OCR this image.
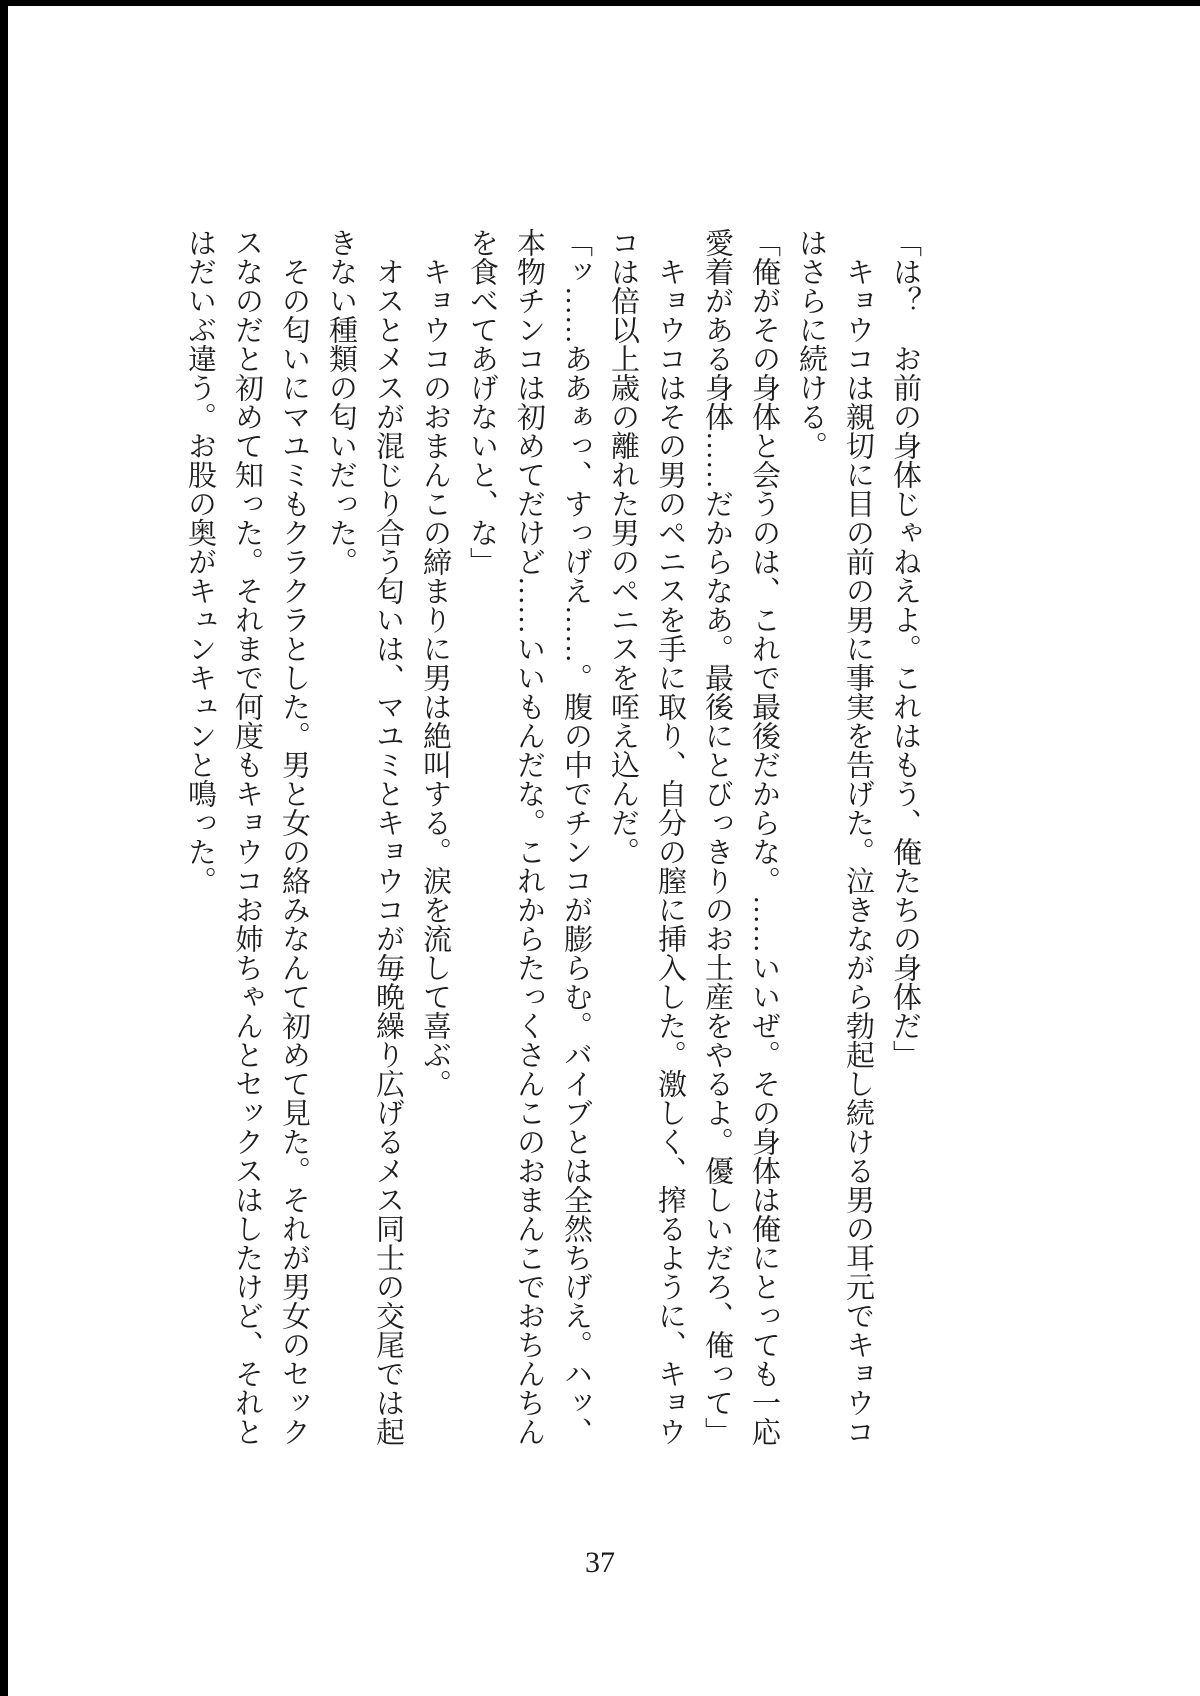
「は？　お前の身体じゃねえよ。これはもう、俺たちの身体だ」

キョウコは親切に目の前の男に事実を告げた。泣きながら勃起し続ける男の耳元でキョウコはさらに続ける。

「俺がその身体と会うのは、これで最後だからな。……いいぜ。その身体は俺にとっても一応愛着がある身体……だからなあ。最後にとびっきりのお土産をやるよ。優しいだろ、俺って」

キョウコはその男のペニスを手に取り、自分の膣に挿入した。激しく、搾るように、キョウコは倍以上歳の離れた男のペニスを咥え込んだ。

「ッ……ああぁっ、すっげえ……。腹の中でチンコが膨らむ。バイブとは全然ちげえ。ハッ、本物チンコは初めてだけど……いいもんだな。これからたっくさんこのおまんこでおちんちんを食べてあげないと、な」

キョウコのおまんこの締まりに男は絶叫する。涙を流して喜ぶ。

オスとメスが混じり合う匂いは、マユミとキョウコが毎晩繰り広げるメス同士の交尾では起きない種類の匂いだった。

その匂いにマユミもクラクラとした。男と女の絡みなんて初めて見た。それが男女のセックスなのだと初めて知った。それまで何度もキョウコお姉ちゃんとセックスはしたけど、それとはだいぶ違う。お股の奥がキュンキュンと鳴った。

37
